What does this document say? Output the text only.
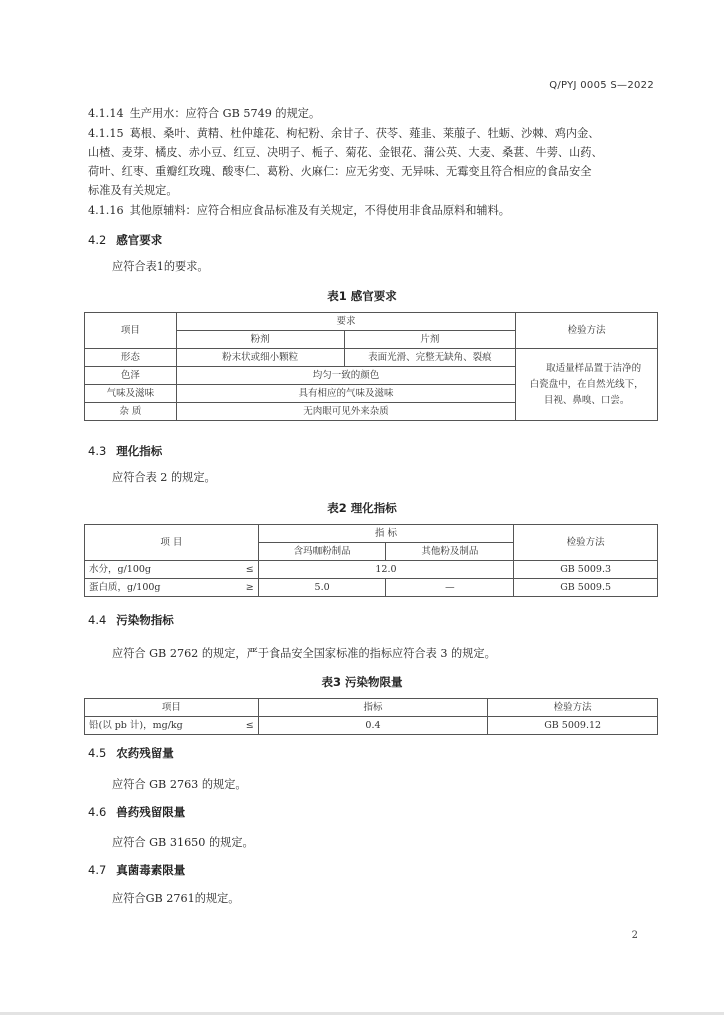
Q/PYJ 0005 S—2022
4.1.14 生产用水：应符合 GB 5749 的规定。
4.1.15 葛根、桑叶、黄精、杜仲雄花、枸杞粉、余甘子、茯苓、薤韭、莱菔子、牡蛎、沙棘、鸡内金、
山楂、麦芽、橘皮、赤小豆、红豆、决明子、栀子、菊花、金银花、蒲公英、大麦、桑葚、牛蒡、山药、
荷叶、红枣、重瓣红玫瑰、酸枣仁、葛粉、火麻仁：应无劣变、无异味、无霉变且符合相应的食品安全
标准及有关规定。
4.1.16 其他原辅料：应符合相应食品标准及有关规定，不得使用非食品原料和辅料。
4.2 感官要求
应符合表1的要求。
表1 感官要求
项目	要求		检验方法
	粉剂	片剂	
形态	粉末状或细小颗粒	表面光滑、完整无缺角、裂痕	取适量样品置于洁净的
白瓷盘中，在自然光线下，
目视、鼻嗅、口尝。

色泽	均匀一致的颜色		
气味及滋味	具有相应的气味及滋味		
杂 质	无肉眼可见外来杂质		
4.3 理化指标
应符合表 2 的规定。
表2 理化指标
项 目	指 标		检验方法
	含玛咖粉制品	其他粉及制品	
水分，g/100g ≤	12.0		GB 5009.3
蛋白质，g/100g ≥	5.0	—	GB 5009.5
4.4 污染物指标
应符合 GB 2762 的规定，严于食品安全国家标准的指标应符合表 3 的规定。
表3 污染物限量
项目	指标	检验方法
铅(以 pb 计)，mg/kg ≤	0.4	GB 5009.12
4.5 农药残留量
应符合 GB 2763 的规定。
4.6 兽药残留限量
应符合 GB 31650 的规定。
4.7 真菌毒素限量
应符合GB 2761的规定。
2
